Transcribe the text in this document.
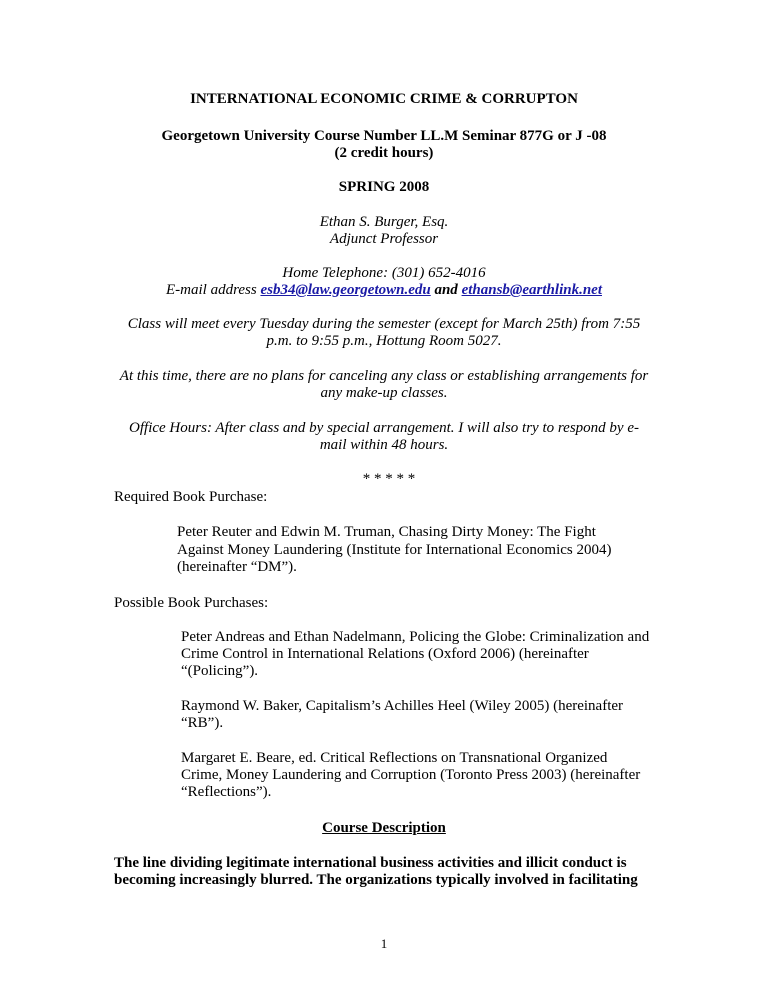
INTERNATIONAL ECONOMIC CRIME & CORRUPTON
Georgetown University Course Number LL.M Seminar 877G or J -08
(2 credit hours)
SPRING 2008
Ethan S. Burger, Esq.
Adjunct Professor
Home Telephone: (301) 652-4016
E-mail address esb34@law.georgetown.edu and ethansb@earthlink.net
Class will meet every Tuesday during the semester (except for March 25th) from 7:55
p.m. to 9:55 p.m., Hottung Room 5027.
At this time, there are no plans for canceling any class or establishing arrangements for
any make-up classes.
Office Hours: After class and by special arrangement. I will also try to respond by e-
mail within 48 hours.
* * * * *
Required Book Purchase:
Peter Reuter and Edwin M. Truman, Chasing Dirty Money: The Fight
Against Money Laundering (Institute for International Economics 2004)
(hereinafter “DM”).
Possible Book Purchases:
Peter Andreas and Ethan Nadelmann, Policing the Globe: Criminalization and
Crime Control in International Relations (Oxford 2006) (hereinafter
“(Policing”).
Raymond W. Baker, Capitalism’s Achilles Heel (Wiley 2005) (hereinafter
“RB”).
Margaret E. Beare, ed. Critical Reflections on Transnational Organized
Crime, Money Laundering and Corruption (Toronto Press 2003) (hereinafter
“Reflections”).
Course Description
The line dividing legitimate international business activities and illicit conduct is
becoming increasingly blurred. The organizations typically involved in facilitating
1
